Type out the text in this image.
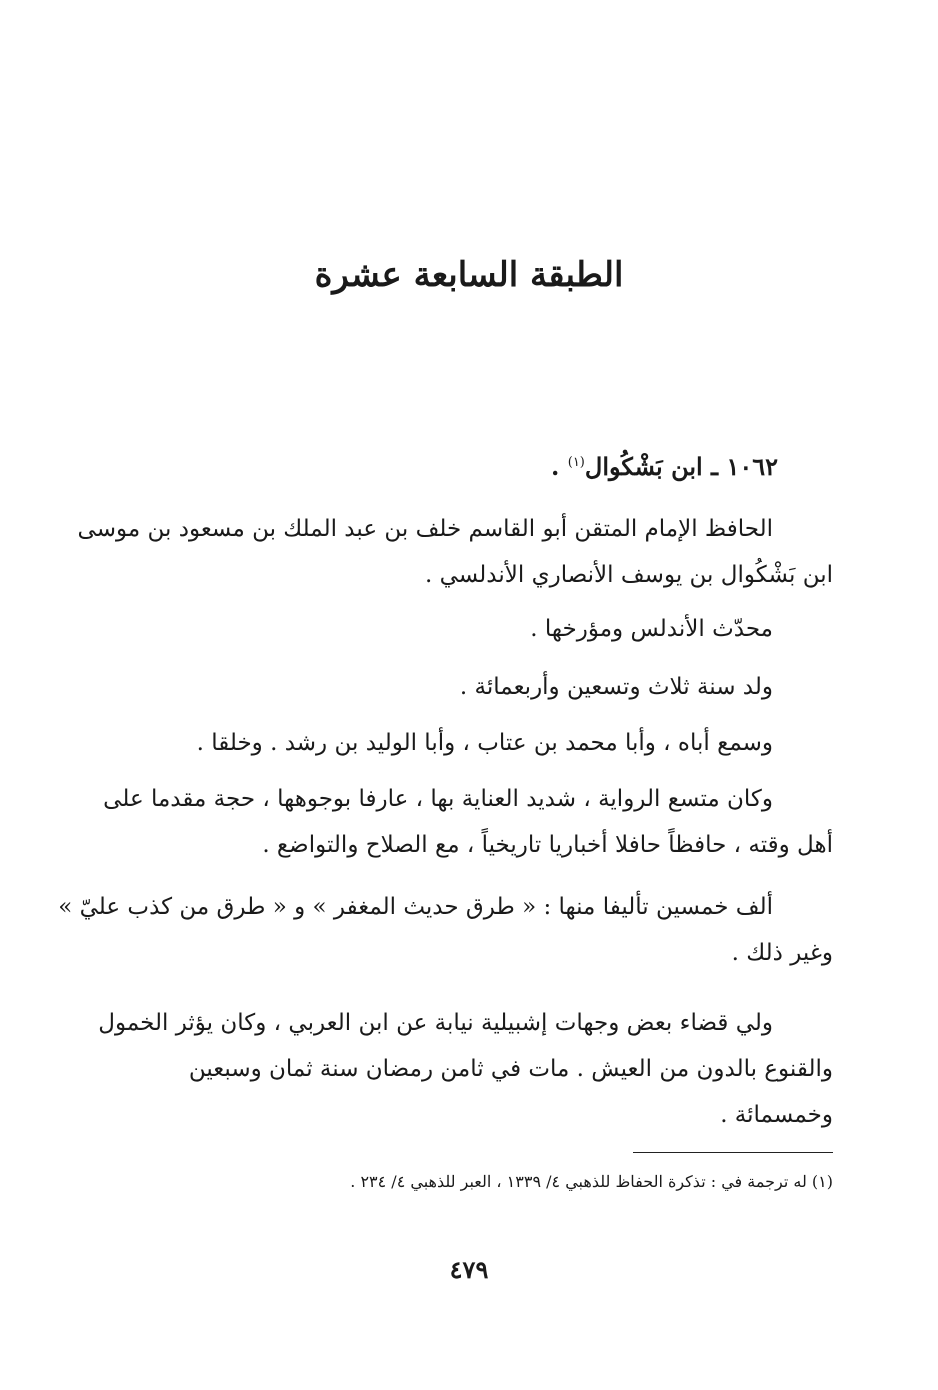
الطبقة السابعة عشرة
١٠٦٢ ـ ابن بَشْكُوال$^{(١)}$ .
الحافظ الإمام المتقن أبو القاسم خلف بن عبد الملك بن مسعود بن موسى
ابن بَشْكُوال بن يوسف الأنصاري الأندلسي .
محدّث الأندلس ومؤرخها .
ولد سنة ثلاث وتسعين وأربعمائة .
وسمع أباه ، وأبا محمد بن عتاب ، وأبا الوليد بن رشد . وخلقا .
وكان متسع الرواية ، شديد العناية بها ، عارفا بوجوهها ، حجة مقدما على
أهل وقته ، حافظاً حافلا أخباريا تاريخياً ، مع الصلاح والتواضع .
ألف خمسين تأليفا منها : « طرق حديث المغفر » و « طرق من كذب عليّ »
وغير ذلك .
ولي قضاء بعض وجهات إشبيلية نيابة عن ابن العربي ، وكان يؤثر الخمول
والقنوع بالدون من العيش . مات في ثامن رمضان سنة ثمان وسبعين
وخمسمائة .
(١) له ترجمة في : تذكرة الحفاظ للذهبي ٤/ ١٣٣٩ ، العبر للذهبي ٤/ ٢٣٤ .
٤٧٩
